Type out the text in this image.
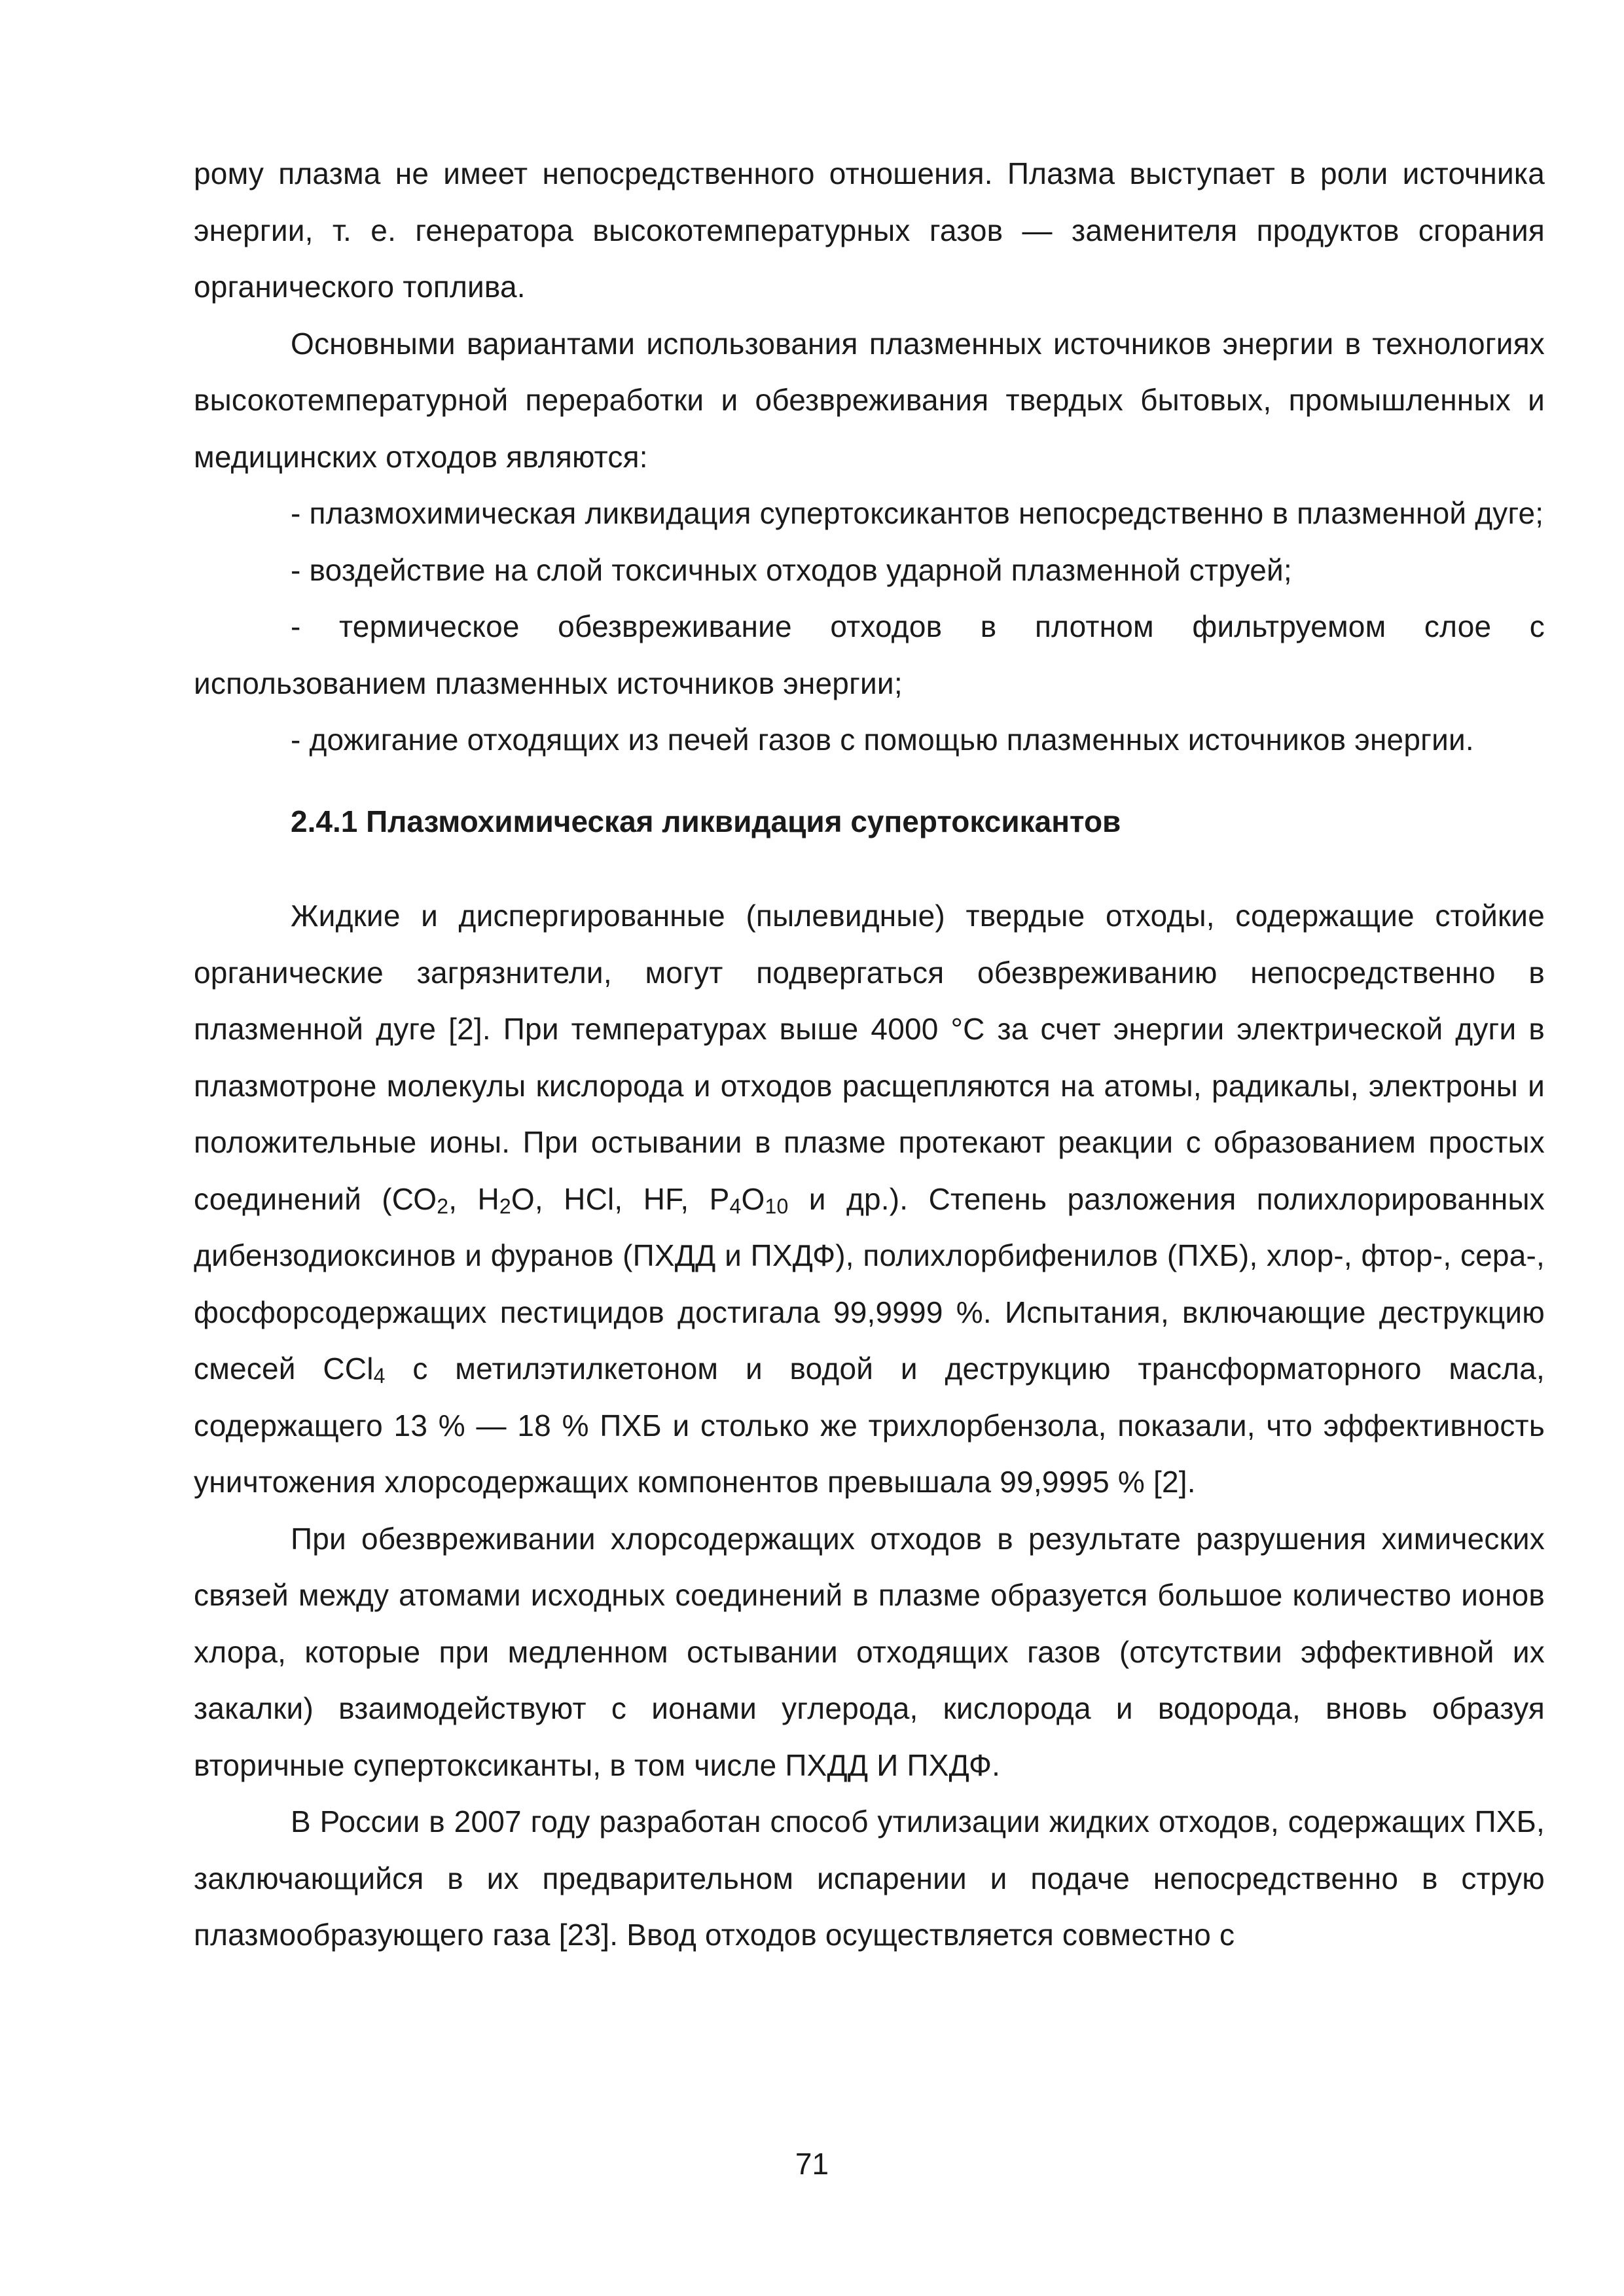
рому плазма не имеет непосредственного отношения. Плазма выступает в роли источника энергии, т. е. генератора высокотемпературных газов — заменителя продуктов сгорания органического топлива.

Основными вариантами использования плазменных источников энергии в технологиях высокотемпературной переработки и обезвреживания твердых бытовых, промышленных и медицинских отходов являются:

- плазмохимическая ликвидация супертоксикантов непосредственно в плазменной дуге;

- воздействие на слой токсичных отходов ударной плазменной струей;

- термическое обезвреживание отходов в плотном фильтруемом слое с использованием плазменных источников энергии;

- дожигание отходящих из печей газов с помощью плазменных источников энергии.

2.4.1 Плазмохимическая ликвидация супертоксикантов

Жидкие и диспергированные (пылевидные) твердые отходы, содержащие стойкие органические загрязнители, могут подвергаться обезвреживанию непосредственно в плазменной дуге [2]. При температурах выше 4000 °С за счет энергии электрической дуги в плазмотроне молекулы кислорода и отходов расщепляются на атомы, радикалы, электроны и положительные ионы. При остывании в плазме протекают реакции с образованием простых соединений ($СО_2$, $Н_2О$, HCl, HF, $Р_4О_{10}$ и др.). Степень разложения полихлорированных дибензодиоксинов и фуранов (ПХДД и ПХДФ), полихлорбифенилов (ПХБ), хлор-, фтор-, сера-, фосфорсодержащих пестицидов достигала 99,9999 %. Испытания, включающие деструкцию смесей CCl$_4$ с метилэтилкетоном и водой и деструкцию трансформаторного масла, содержащего 13 % — 18 % ПХБ и столько же трихлорбензола, показали, что эффективность уничтожения хлорсодержащих компонентов превышала 99,9995 % [2].

При обезвреживании хлорсодержащих отходов в результате разрушения химических связей между атомами исходных соединений в плазме образуется большое количество ионов хлора, которые при медленном остывании отходящих газов (отсутствии эффективной их закалки) взаимодействуют с ионами углерода, кислорода и водорода, вновь образуя вторичные супертоксиканты, в том числе ПХДД И ПХДФ.

В России в 2007 году разработан способ утилизации жидких отходов, содержащих ПХБ, заключающийся в их предварительном испарении и подаче непосредственно в струю плазмообразующего газа [23]. Ввод отходов осуществляется совместно с

71
